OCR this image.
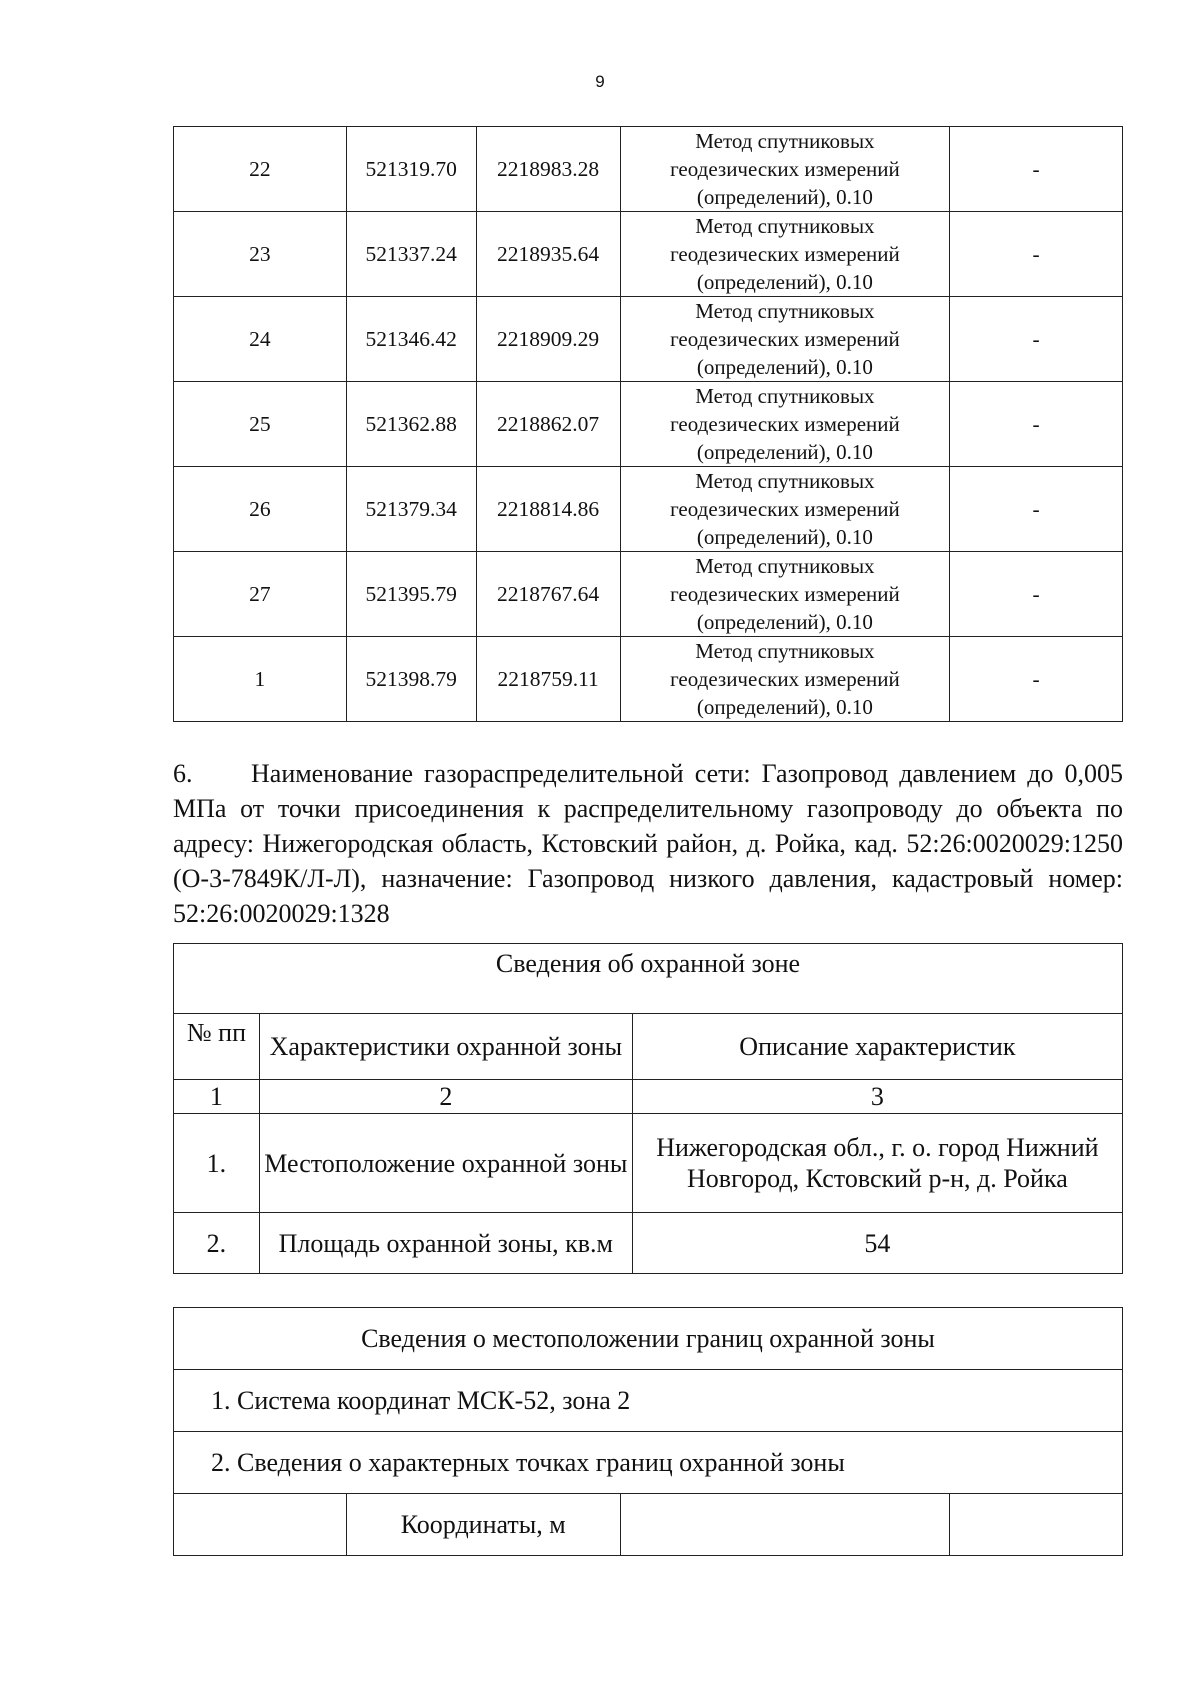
9
22	521319.70	2218983.28	Метод спутниковых
геодезических измерений
(определений), 0.10	-
23	521337.24	2218935.64	Метод спутниковых
геодезических измерений
(определений), 0.10	-
24	521346.42	2218909.29	Метод спутниковых
геодезических измерений
(определений), 0.10	-
25	521362.88	2218862.07	Метод спутниковых
геодезических измерений
(определений), 0.10	-
26	521379.34	2218814.86	Метод спутниковых
геодезических измерений
(определений), 0.10	-
27	521395.79	2218767.64	Метод спутниковых
геодезических измерений
(определений), 0.10	-
1	521398.79	2218759.11	Метод спутниковых
геодезических измерений
(определений), 0.10	-

6. Наименование газораспределительной сети: Газопровод давлением до 0,005 МПа от точки присоединения к распределительному газопроводу до объекта по адресу: Нижегородская область, Кстовский район, д. Ройка, кад. 52:26:0020029:1250 (О-3-7849К/Л-Л), назначение: Газопровод низкого давления, кадастровый номер: 52:26:0020029:1328

Сведения об охранной зоне		
№ пп	Характеристики охранной зоны	Описание характеристик
1	2	3
1.	Местоположение охранной зоны	Нижегородская обл., г. о. город Нижний Новгород, Кстовский р-н, д. Ройка
2.	Площадь охранной зоны, кв.м	54
Сведения о местоположении границ охранной зоны
1. Система координат МСК-52, зона 2
2. Сведения о характерных точках границ охранной зоны
	Координаты, м		
